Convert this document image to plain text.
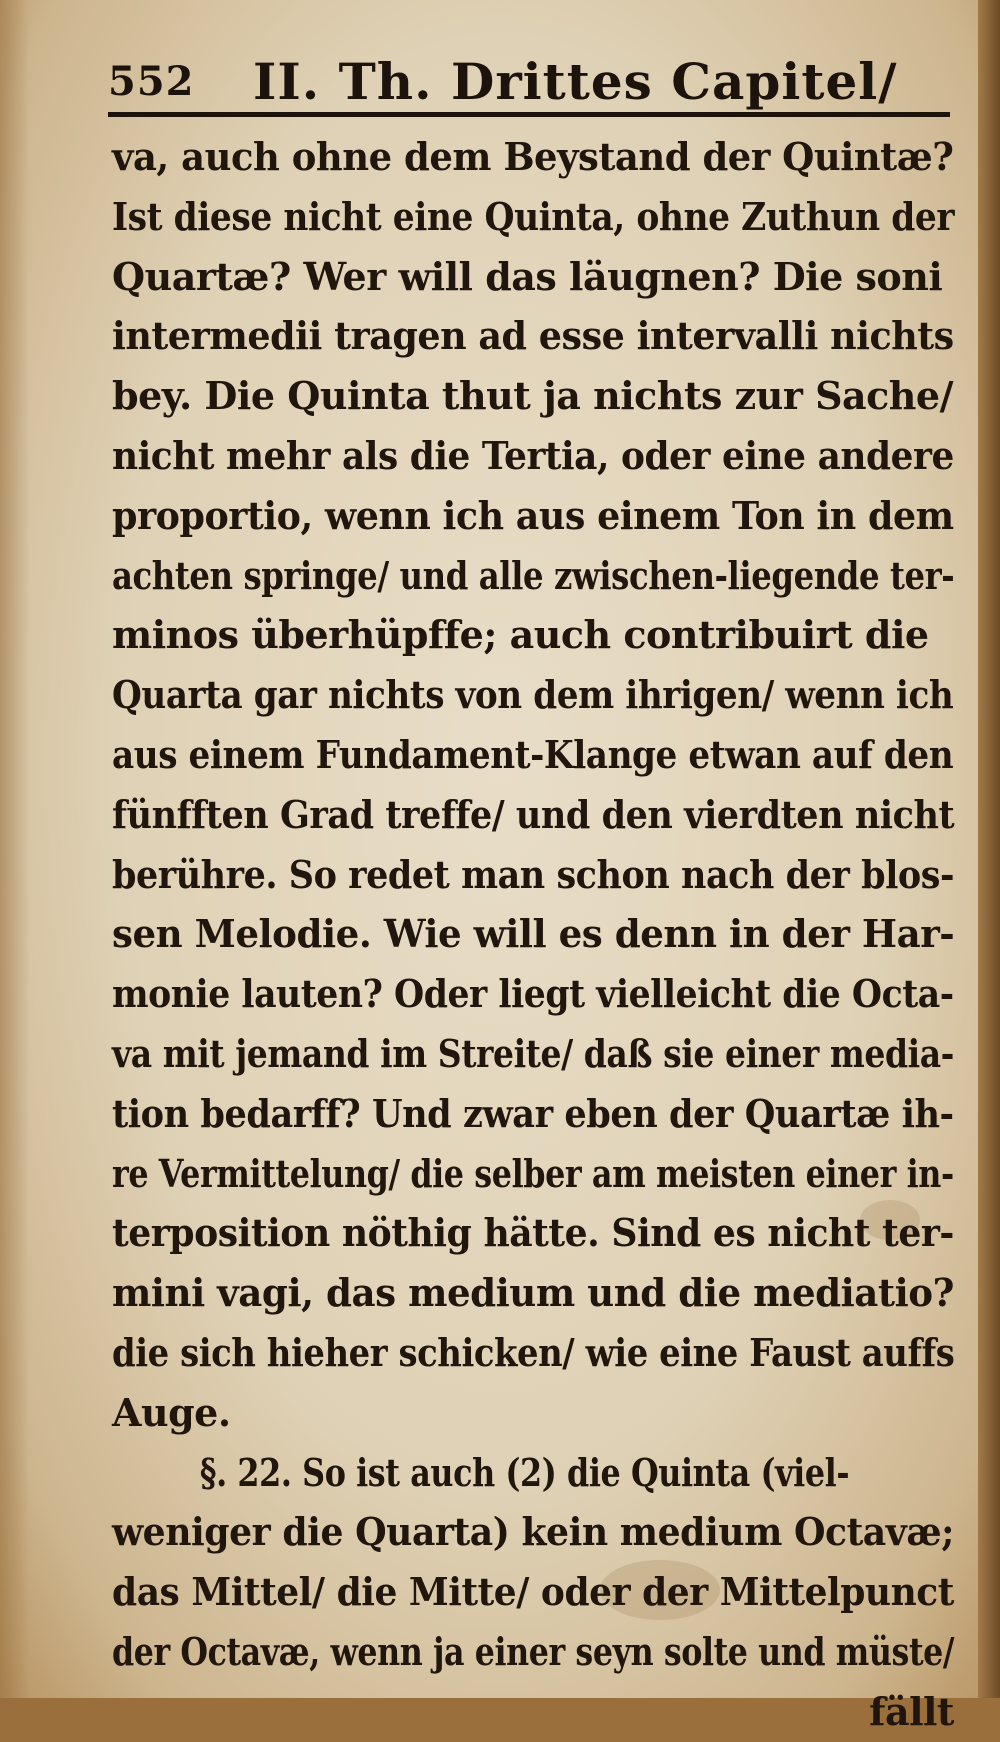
552 II. Th. Drittes Capitel/
va, auch ohne dem Beystand der Quintæ?
Ist diese nicht eine Quinta, ohne Zuthun der
Quartæ? Wer will das läugnen? Die soni
intermedii tragen ad esse intervalli nichts
bey. Die Quinta thut ja nichts zur Sache/
nicht mehr als die Tertia, oder eine andere
proportio, wenn ich aus einem Ton in dem
achten springe/ und alle zwischen-liegende ter-
minos überhüpffe; auch contribuirt die
Quarta gar nichts von dem ihrigen/ wenn ich
aus einem Fundament-Klange etwan auf den
fünfften Grad treffe/ und den vierdten nicht
berühre. So redet man schon nach der blos-
sen Melodie. Wie will es denn in der Har-
monie lauten? Oder liegt vielleicht die Octa-
va mit jemand im Streite/ daß sie einer media-
tion bedarff? Und zwar eben der Quartæ ih-
re Vermittelung/ die selber am meisten einer in-
terposition nöthig hätte. Sind es nicht ter-
mini vagi, das medium und die mediatio?
die sich hieher schicken/ wie eine Faust auffs
Auge.
§. 22. So ist auch (2) die Quinta (viel-
weniger die Quarta) kein medium Octavæ;
das Mittel/ die Mitte/ oder der Mittelpunct
der Octavæ, wenn ja einer seyn solte und müste/
fällt
